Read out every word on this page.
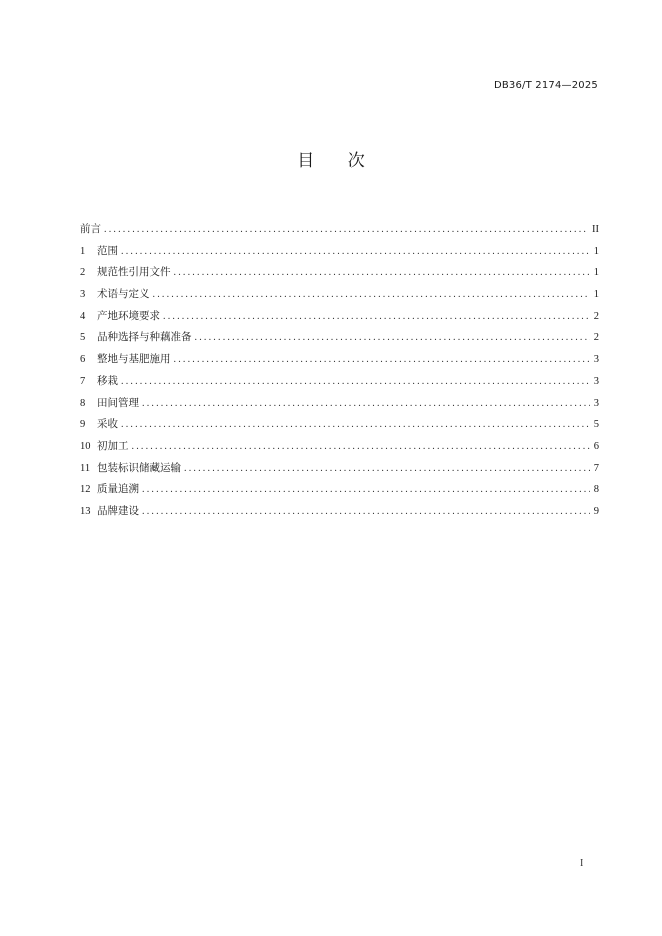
DB36/T 2174—2025
目 次
前言 .....	II
1	范围 .....	1
2	规范性引用文件 .....	1
3	术语与定义 .....	1
4	产地环境要求 .....	2
5	品种选择与种藕准备 .....	2
6	整地与基肥施用 .....	3
7	移栽 .....	3
8	田间管理 .....	3
9	采收 .....	5
10 初加工 .....	6
11 包装标识储藏运输 .....	7
12 质量追溯 .....	8
13 品牌建设 .....	9
I
